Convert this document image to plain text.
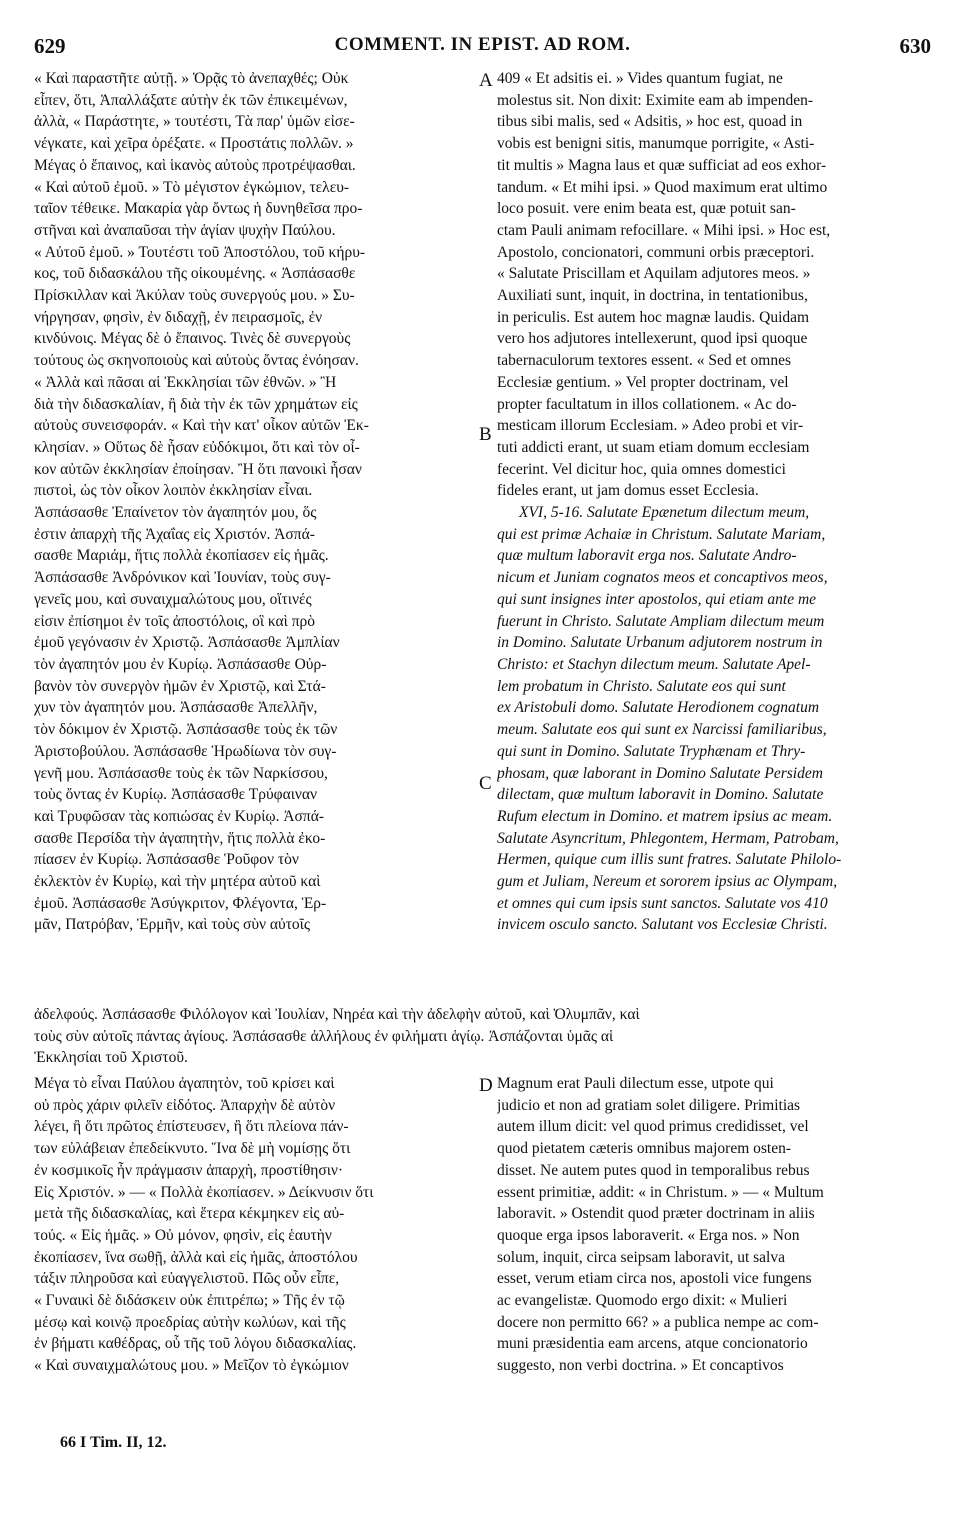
629	COMMENT. IN EPIST. AD ROM.	630
« Καὶ παραστῆτε αὐτῇ. » Ὁρᾷς τὸ ἀνεπαχθές; Οὐκ
εἶπεν, ὅτι, Ἀπαλλάξατε αὐτὴν ἐκ τῶν ἐπικειμένων,
ἀλλὰ, « Παράστητε, » τουτέστι, Τὰ παρ' ὑμῶν εἰσε-
νέγκατε, καὶ χεῖρα ὀρέξατε. « Προστάτις πολλῶν. »
Μέγας ὁ ἔπαινος, καὶ ἱκανὸς αὐτοὺς προτρέψασθαι.
« Καὶ αὐτοῦ ἐμοῦ. » Τὸ μέγιστον ἐγκώμιον, τελευ-
ταῖον τέθεικε. Μακαρία γὰρ ὄντως ἡ δυνηθεῖσα προ-
στῆναι καὶ ἀναπαῦσαι τὴν ἁγίαν ψυχὴν Παύλου.
« Αὐτοῦ ἐμοῦ. » Τουτέστι τοῦ Ἀποστόλου, τοῦ κήρυ-
κος, τοῦ διδασκάλου τῆς οἰκουμένης. « Ἀσπάσασθε
Πρίσκιλλαν καὶ Ἀκύλαν τοὺς συνεργούς μου. » Συ-
νήργησαν, φησὶν, ἐν διδαχῇ, ἐν πειρασμοῖς, ἐν
κινδύνοις. Μέγας δὲ ὁ ἔπαινος. Τινὲς δὲ συνεργοὺς
τούτους ὡς σκηνοποιοὺς καὶ αὐτοὺς ὄντας ἐνόησαν.
« Ἀλλὰ καὶ πᾶσαι αἱ Ἐκκλησίαι τῶν ἐθνῶν. » Ἢ
διὰ τὴν διδασκαλίαν, ἢ διὰ τὴν ἐκ τῶν χρημάτων εἰς
αὐτοὺς συνεισφοράν. « Καὶ τὴν κατ' οἶκον αὐτῶν Ἐκ-
κλησίαν. » Οὕτως δὲ ἦσαν εὐδόκιμοι, ὅτι καὶ τὸν οἶ-
κον αὐτῶν ἐκκλησίαν ἐποίησαν. Ἢ ὅτι πανοικὶ ἦσαν
πιστοὶ, ὡς τὸν οἶκον λοιπὸν ἐκκλησίαν εἶναι.
Ἀσπάσασθε Ἐπαίνετον τὸν ἀγαπητόν μου, ὅς
ἐστιν ἀπαρχὴ τῆς Ἀχαΐας εἰς Χριστόν. Ἀσπά-
σασθε Μαριάμ, ἥτις πολλὰ ἐκοπίασεν εἰς ἡμᾶς.
Ἀσπάσασθε Ἀνδρόνικον καὶ Ἰουνίαν, τοὺς συγ-
γενεῖς μου, καὶ συναιχμαλώτους μου, οἵτινές
εἰσιν ἐπίσημοι ἐν τοῖς ἀποστόλοις, οἳ καὶ πρὸ
ἐμοῦ γεγόνασιν ἐν Χριστῷ. Ἀσπάσασθε Ἀμπλίαν
τὸν ἀγαπητόν μου ἐν Κυρίῳ. Ἀσπάσασθε Οὐρ-
βανὸν τὸν συνεργὸν ἡμῶν ἐν Χριστῷ, καὶ Στά-
χυν τὸν ἀγαπητόν μου. Ἀσπάσασθε Ἀπελλῆν,
τὸν δόκιμον ἐν Χριστῷ. Ἀσπάσασθε τοὺς ἐκ τῶν
Ἀριστοβούλου. Ἀσπάσασθε Ἡρωδίωνα τὸν συγ-
γενῆ μου. Ἀσπάσασθε τοὺς ἐκ τῶν Ναρκίσσου,
τοὺς ὄντας ἐν Κυρίῳ. Ἀσπάσασθε Τρύφαιναν
καὶ Τρυφῶσαν τὰς κοπιώσας ἐν Κυρίῳ. Ἀσπά-
σασθε Περσίδα τὴν ἀγαπητὴν, ἥτις πολλὰ ἐκο-
πίασεν ἐν Κυρίῳ. Ἀσπάσασθε Ῥοῦφον τὸν
ἐκλεκτὸν ἐν Κυρίῳ, καὶ τὴν μητέρα αὐτοῦ καὶ
ἐμοῦ. Ἀσπάσασθε Ἀσύγκριτον, Φλέγοντα, Ἑρ-
μᾶν, Πατρόβαν, Ἑρμῆν, καὶ τοὺς σὺν αὐτοῖς
409 « Et adsitis ei. » Vides quantum fugiat, ne
molestus sit. Non dixit: Eximite eam ab impenden-
tibus sibi malis, sed « Adsitis, » hoc est, quoad in
vobis est benigni sitis, manumque porrigite, « Asti-
tit multis » Magna laus et quæ sufficiat ad eos exhor-
tandum. « Et mihi ipsi. » Quod maximum erat ultimo
loco posuit. vere enim beata est, quæ potuit san-
ctam Pauli animam refocillare. « Mihi ipsi. » Hoc est,
Apostolo, concionatori, communi orbis præceptori.
« Salutate Priscillam et Aquilam adjutores meos. »
Auxiliati sunt, inquit, in doctrina, in tentationibus,
in periculis. Est autem hoc magnæ laudis. Quidam
vero hos adjutores intellexerunt, quod ipsi quoque
tabernaculorum textores essent. « Sed et omnes
Ecclesiæ gentium. » Vel propter doctrinam, vel
propter facultatum in illos collationem. « Ac do-
mesticam illorum Ecclesiam. » Adeo probi et vir-
tuti addicti erant, ut suam etiam domum ecclesiam
fecerint. Vel dicitur hoc, quia omnes domestici
fideles erant, ut jam domus esset Ecclesia.
XVI, 5-16. Salutate Epænetum dilectum meum,
qui est primæ Achaiæ in Christum. Salutate Mariam,
quæ multum laboravit erga nos. Salutate Andro-
nicum et Juniam cognatos meos et concaptivos meos,
qui sunt insignes inter apostolos, qui etiam ante me
fuerunt in Christo. Salutate Ampliam dilectum meum
in Domino. Salutate Urbanum adjutorem nostrum in
Christo: et Stachyn dilectum meum. Salutate Apel-
lem probatum in Christo. Salutate eos qui sunt
ex Aristobuli domo. Salutate Herodionem cognatum
meum. Salutate eos qui sunt ex Narcissi familiaribus,
qui sunt in Domino. Salutate Tryphænam et Thry-
phosam, quæ laborant in Domino Salutate Persidem
dilectam, quæ multum laboravit in Domino. Salutate
Rufum electum in Domino. et matrem ipsius ac meam.
Salutate Asyncritum, Phlegontem, Hermam, Patrobam,
Hermen, quique cum illis sunt fratres. Salutate Philolo-
gum et Juliam, Nereum et sororem ipsius ac Olympam,
et omnes qui cum ipsis sunt sanctos. Salutate vos 410
invicem osculo sancto. Salutant vos Ecclesiæ Christi.
A
B
C
D
ἀδελφούς. Ἀσπάσασθε Φιλόλογον καὶ Ἰουλίαν, Νηρέα καὶ τὴν ἀδελφὴν αὐτοῦ, καὶ Ὀλυμπᾶν, καὶ
τοὺς σὺν αὐτοῖς πάντας ἁγίους. Ἀσπάσασθε ἀλλήλους ἐν φιλήματι ἁγίῳ. Ἀσπάζονται ὑμᾶς αἱ
Ἐκκλησίαι τοῦ Χριστοῦ.
Μέγα τὸ εἶναι Παύλου ἀγαπητὸν, τοῦ κρίσει καὶ
οὐ πρὸς χάριν φιλεῖν εἰδότος. Ἀπαρχὴν δὲ αὐτὸν
λέγει, ἢ ὅτι πρῶτος ἐπίστευσεν, ἢ ὅτι πλείονα πάν-
των εὐλάβειαν ἐπεδείκνυτο. Ἵνα δὲ μὴ νομίσῃς ὅτι
ἐν κοσμικοῖς ἦν πράγμασιν ἀπαρχὴ, προστίθησιν·
Εἰς Χριστόν. » — « Πολλὰ ἐκοπίασεν. » Δείκνυσιν ὅτι
μετὰ τῆς διδασκαλίας, καὶ ἕτερα κέκμηκεν εἰς αὐ-
τούς. « Εἰς ἡμᾶς. » Οὐ μόνον, φησὶν, εἰς ἑαυτὴν
ἐκοπίασεν, ἵνα σωθῇ, ἀλλὰ καὶ εἰς ἡμᾶς, ἀποστόλου
τάξιν πληροῦσα καὶ εὐαγγελιστοῦ. Πῶς οὖν εἶπε,
« Γυναικὶ δὲ διδάσκειν οὐκ ἐπιτρέπω; » Τῆς ἐν τῷ
μέσῳ καὶ κοινῷ προεδρίας αὐτὴν κωλύων, καὶ τῆς
ἐν βήματι καθέδρας, οὗ τῆς τοῦ λόγου διδασκαλίας.
« Καὶ συναιχμαλώτους μου. » Μεῖζον τὸ ἐγκώμιον
Magnum erat Pauli dilectum esse, utpote qui
judicio et non ad gratiam solet diligere. Primitias
autem illum dicit: vel quod primus credidisset, vel
quod pietatem cæteris omnibus majorem osten-
disset. Ne autem putes quod in temporalibus rebus
essent primitiæ, addit: « in Christum. » — « Multum
laboravit. » Ostendit quod præter doctrinam in aliis
quoque erga ipsos laboraverit. « Erga nos. » Non
solum, inquit, circa seipsam laboravit, ut salva
esset, verum etiam circa nos, apostoli vice fungens
ac evangelistæ. Quomodo ergo dixit: « Mulieri
docere non permitto 66? » a publica nempe ac com-
muni præsidentia eam arcens, atque concionatorio
suggesto, non verbi doctrina. » Et concaptivos
66 I Tim. II, 12.
